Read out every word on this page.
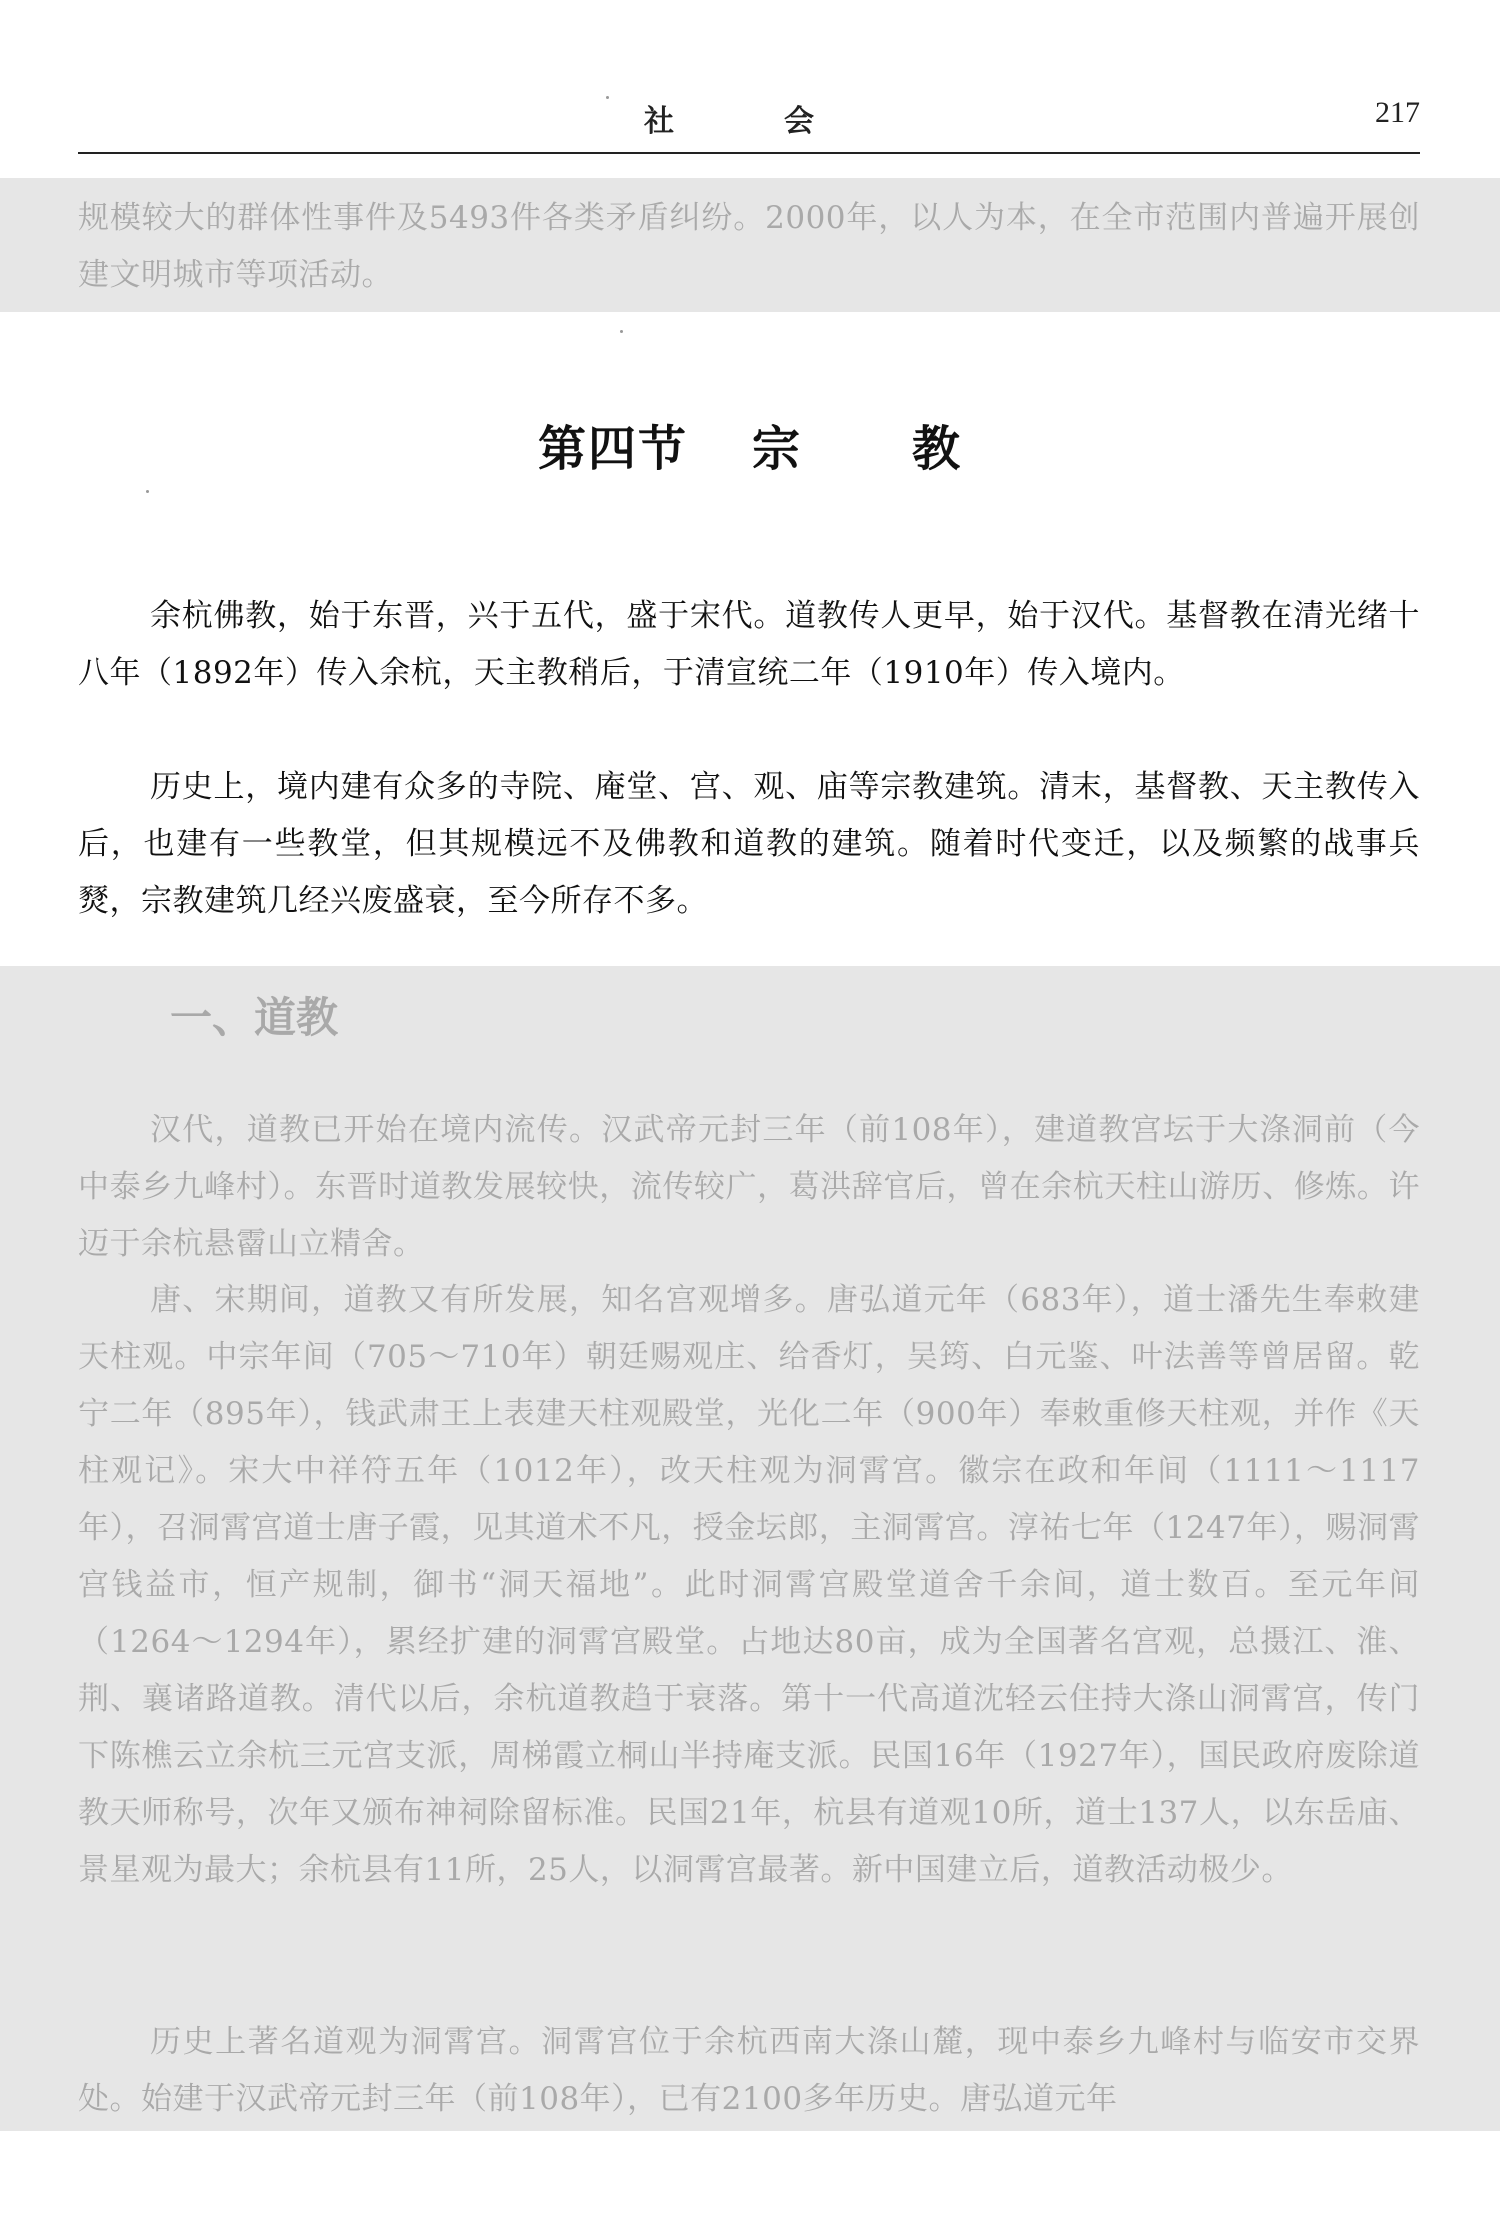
社　会	217
规模较大的群体性事件及5493件各类矛盾纠纷。2000年，以人为本，在全市范围内普遍开展创建文明城市等项活动。
第四节 宗 教
余杭佛教，始于东晋，兴于五代，盛于宋代。道教传人更早，始于汉代。基督教在清光绪十八年（1892年）传入余杭，天主教稍后，于清宣统二年（1910年）传入境内。
历史上，境内建有众多的寺院、庵堂、宫、观、庙等宗教建筑。清末，基督教、天主教传入后，也建有一些教堂，但其规模远不及佛教和道教的建筑。随着时代变迁，以及频繁的战事兵燹，宗教建筑几经兴废盛衰，至今所存不多。
一、道教
汉代，道教已开始在境内流传。汉武帝元封三年（前108年），建道教宫坛于大涤洞前（今中泰乡九峰村）。东晋时道教发展较快，流传较广，葛洪辞官后，曾在余杭天柱山游历、修炼。许迈于余杭悬霤山立精舍。
唐、宋期间，道教又有所发展，知名宫观增多。唐弘道元年（683年），道士潘先生奉敕建天柱观。中宗年间（705～710年）朝廷赐观庄、给香灯，吴筠、白元鉴、叶法善等曾居留。乾宁二年（895年），钱武肃王上表建天柱观殿堂，光化二年（900年）奉敕重修天柱观，并作《天柱观记》。宋大中祥符五年（1012年），改天柱观为洞霄宫。徽宗在政和年间（1111～1117年），召洞霄宫道士唐子霞，见其道术不凡，授金坛郎，主洞霄宫。淳祐七年（1247年），赐洞霄宫钱益市，恒产规制，御书“洞天福地”。此时洞霄宫殿堂道舍千余间，道士数百。至元年间（1264～1294年），累经扩建的洞霄宫殿堂。占地达80亩，成为全国著名宫观，总摄江、淮、荆、襄诸路道教。清代以后，余杭道教趋于衰落。第十一代高道沈轻云住持大涤山洞霄宫，传门下陈樵云立余杭三元宫支派，周梯霞立桐山半持庵支派。民国16年（1927年），国民政府废除道教天师称号，次年又颁布神祠除留标准。民国21年，杭县有道观10所，道士137人，以东岳庙、景星观为最大；余杭县有11所，25人，以洞霄宫最著。新中国建立后，道教活动极少。
历史上著名道观为洞霄宫。洞霄宫位于余杭西南大涤山麓，现中泰乡九峰村与临安市交界处。始建于汉武帝元封三年（前108年），已有2100多年历史。唐弘道元年
